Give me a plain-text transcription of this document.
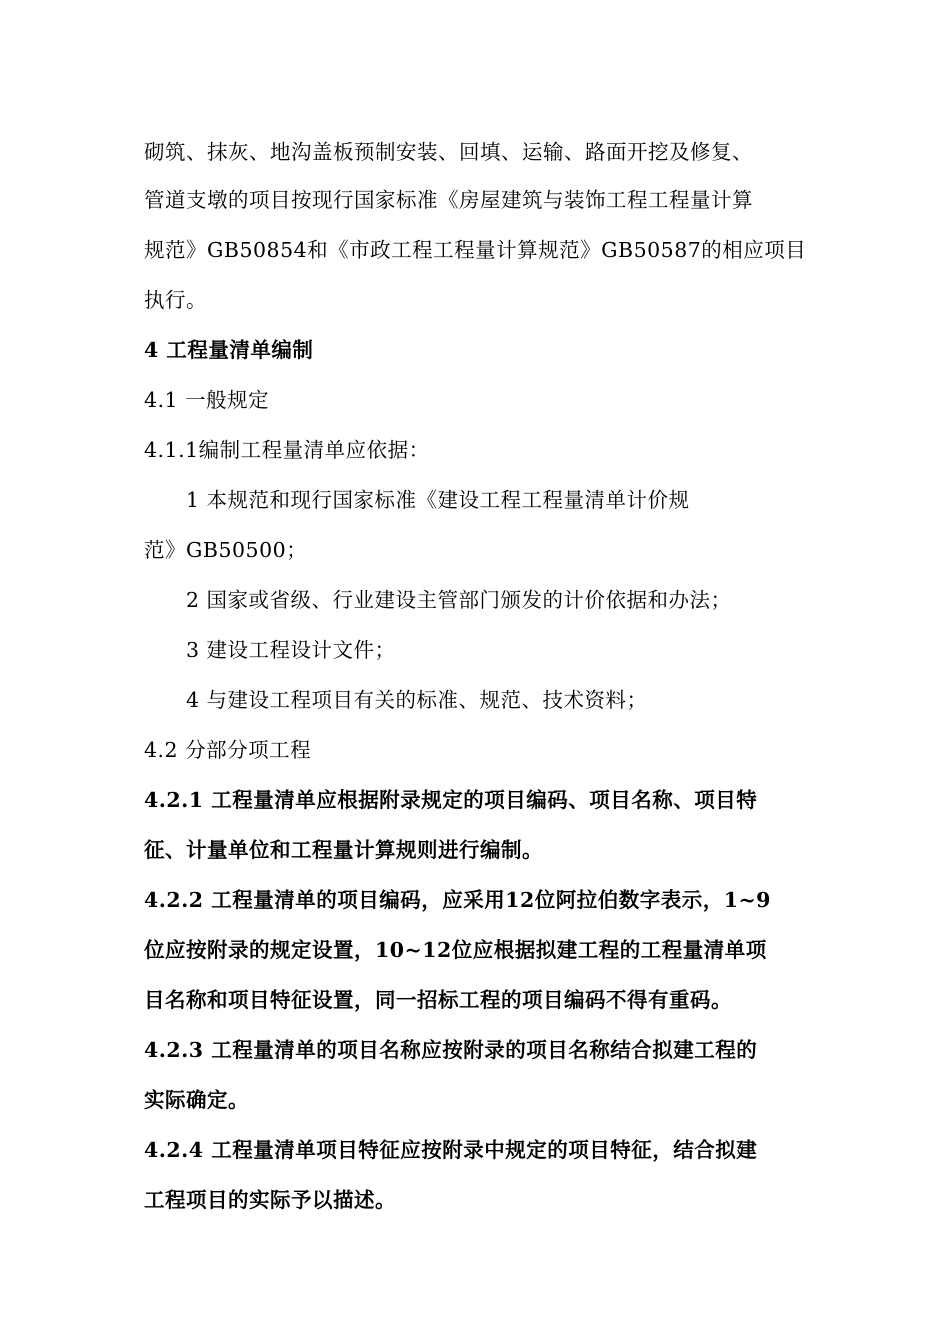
砌筑、抹灰、地沟盖板预制安装、回填、运输、路面开挖及修复、

管道支墩的项目按现行国家标准《房屋建筑与装饰工程工程量计算

规范》GB50854和《市政工程工程量计算规范》GB50587的相应项目

执行。

4 工程量清单编制

4.1 一般规定

4.1.1编制工程量清单应依据：

1 本规范和现行国家标准《建设工程工程量清单计价规

范》GB50500；

2 国家或省级、行业建设主管部门颁发的计价依据和办法；

3 建设工程设计文件；

4 与建设工程项目有关的标准、规范、技术资料；

4.2 分部分项工程

4.2.1 工程量清单应根据附录规定的项目编码、项目名称、项目特

征、计量单位和工程量计算规则进行编制。

4.2.2 工程量清单的项目编码，应采用12位阿拉伯数字表示，1~9

位应按附录的规定设置，10~12位应根据拟建工程的工程量清单项

目名称和项目特征设置，同一招标工程的项目编码不得有重码。

4.2.3 工程量清单的项目名称应按附录的项目名称结合拟建工程的

实际确定。

4.2.4 工程量清单项目特征应按附录中规定的项目特征，结合拟建

工程项目的实际予以描述。
